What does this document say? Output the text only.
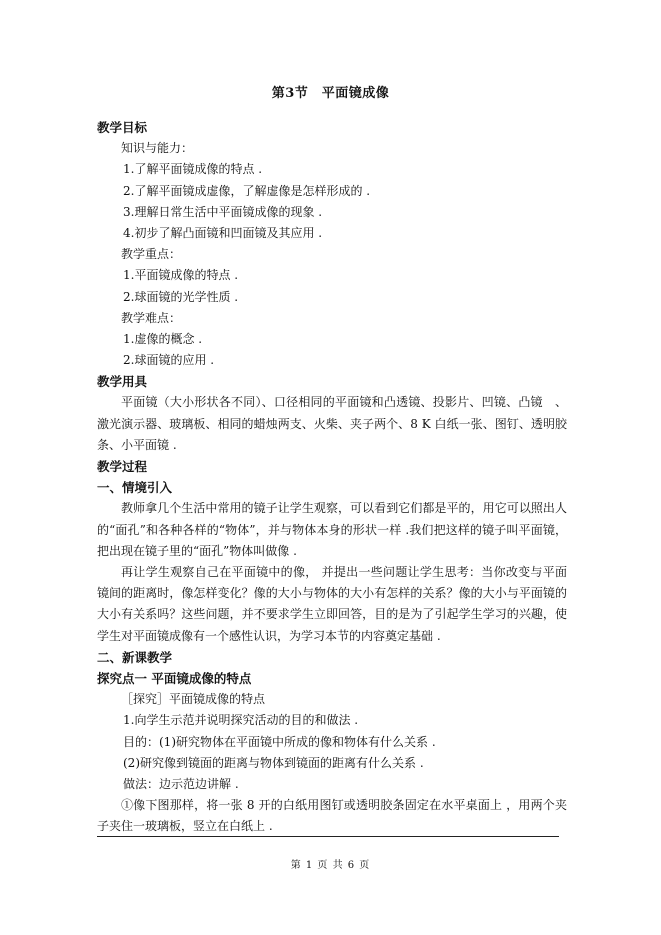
第3节　平面镜成像
教学目标
知识与能力：
1.了解平面镜成像的特点 .
2.了解平面镜成虚像，了解虚像是怎样形成的 .
3.理解日常生活中平面镜成像的现象 .
4.初步了解凸面镜和凹面镜及其应用 .
教学重点：
1.平面镜成像的特点 .
2.球面镜的光学性质 .
教学难点：
1.虚像的概念 .
2.球面镜的应用 .
教学用具

平面镜（大小形状各不同）、口径相同的平面镜和凸透镜、投影片、凹镜、凸镜　、激光演示器、玻璃板、相同的蜡烛两支、火柴、夹子两个、8 K 白纸一张、图钉、透明胶条、小平面镜 .

教学过程
一、情境引入

教师拿几个生活中常用的镜子让学生观察，可以看到它们都是平的，用它可以照出人的“面孔”和各种各样的“物体”，并与物体本身的形状一样 .我们把这样的镜子叫平面镜，把出现在镜子里的“面孔”物体叫做像 .

再让学生观察自己在平面镜中的像， 并提出一些问题让学生思考：当你改变与平面镜间的距离时，像怎样变化？像的大小与物体的大小有怎样的关系？像的大小与平面镜的大小有关系吗？这些问题，并不要求学生立即回答，目的是为了引起学生学习的兴趣，使学生对平面镜成像有一个感性认识，为学习本节的内容奠定基础 .

二、新课教学
探究点一 平面镜成像的特点
［探究］平面镜成像的特点
1.向学生示范并说明探究活动的目的和做法 .
目的：(1)研究物体在平面镜中所成的像和物体有什么关系 .
(2)研究像到镜面的距离与物体到镜面的距离有什么关系 .
做法：边示范边讲解 .

①像下图那样，将一张 8 开的白纸用图钉或透明胶条固定在水平桌面上 ，用两个夹子夹住一玻璃板，竖立在白纸上 .

第 1 页 共 6 页
